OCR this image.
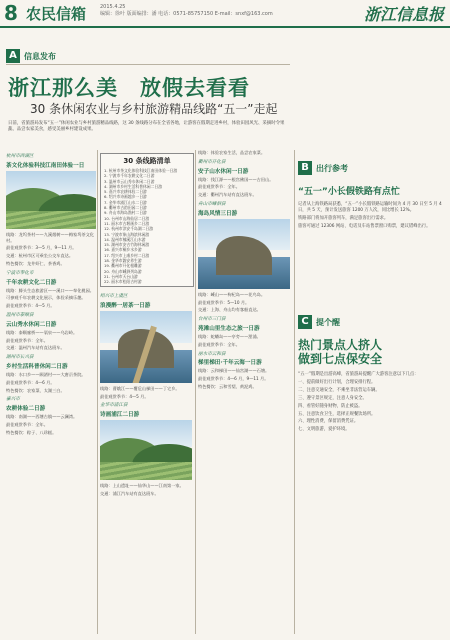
8 农民信箱	2015.4.25
编辑：徐叶 版面编排：潘 电话：0571-85757150 E-mail：snxf@163.com	浙江信息报
A 信息发布
浙江那么美　放假去看看
30 条休闲农业与乡村旅游精品线路“五一”走起
日前，省旅游局发布“五一”休闲农业与乡村旅游精品线路，这 30 条线路分布在全省各地，让游客在假期走进乡村，体验田园风光、采摘时令果蔬、品尝农家美食，感受美丽乡村建设成果。
杭州市西湖区
茶文化体验科技江南田体验一日

线路：龙坞茶村——九溪烟树——梅家坞茶文化村。

最佳观赏季节：3—5 月，9—11 月。

交通：杭州市区可乘坐公交车直达。

特色餐饮：龙井虾仁、茶香鸡。

宁波市奉化市
千年农耕文化二日游

线路：滕头生态旅游区——溪口——奉化桃园。

可参观千年农耕文化展示，体验采摘乐趣。

最佳观赏季节：4—5 月。

温州市泰顺县
云山秀水休闲二日游

线路：泰顺廊桥——氡泉——乌岩岭。

最佳观赏季节：全年。

交通：温州汽车站有直达班车。

湖州市长兴县
乡村生活科普休闲二日游

线路：水口乡——顾渚村——大唐贡茶院。

最佳观赏季节：4—6 月。

特色餐饮：农家菜、太湖三白。

嘉兴市
农耕体验二日游

线路：南湖——西塘古镇——云澜湾。

最佳观赏季节：全年。

特色餐饮：粽子、八珍糕。

30 条线路清单
1. 杭州市茶文化体验科技江南田体验一日游
2. 宁波市千年农耕文化二日游
3. 温州市云山秀水休闲二日游
4. 湖州市乡村生活科普休闲二日游
5. 嘉兴市农耕体验二日游
6. 绍兴市诗画越乡一日游
7. 金华市浦江山水二日游
8. 衢州市古韵田园二日游
9. 舟山市海岛渔村二日游
10. 台州市山海仙居二日游
11. 丽水市古堰画乡二日游
12. 杭州市淳安千岛湖二日游
13. 宁波市象山海滨休闲游
14. 温州市楠溪江山水游
15. 湖州市安吉竹海休闲游
16. 嘉兴市桐乡水乡游
17. 绍兴市上虞乡村二日游
18. 金华市磐安养生游
19. 衢州市开化根雕游
20. 舟山市嵊泗列岛游
21. 台州市天台山游
22. 丽水市松阳古村游
绍兴市上虞区
浪漫醉一居茶一日游

线路：曹娥江——覆卮山梯田——丁宅乡。

最佳观赏季节：4—5 月。

金华市浦江县
诗画浦江二日游

线路：上山遗址——仙华山——江南第一家。

交通：浦江汽车站有直达班车。

线路：体验农家生活，品尝农家菜。

衢州市开化县
安子山水休闲一日游

线路：钱江源——根宫佛国——古田山。

最佳观赏季节：全年。

交通：衢州汽车站有直达班车。

舟山市嵊泗县
海岛风情三日游

线路：嵊山——枸杞岛——花鸟岛。

最佳观赏季节：5—10 月。

交通：上海、舟山均有客船直达。

台州市三门县
苑滩山里生态之旅一日游

线路：蛇蟠岛——亭旁——浬浦。

最佳观赏季节：全年。

丽水市云和县
梯里梯田·千年云海一日游

线路：云和梯田——仙宫湖——石塘。

最佳观赏季节：4—6 月，9—11 月。

特色餐饮：云和雪梨、黄泥鸡。

B 出行参考
“五一”小长假铁路有点忙

记者从上海铁路局获悉，“五一”小长假铁路运输时间为 4 月 30 日至 5 月 4 日，共 5 天，预计发送旅客 1200 万人次，同比增长 12%。

铁路部门将加开旅客列车，满足旅客出行需求。

旅客可通过 12306 网站、电话及车站售票窗口购票，建议错峰出行。

C 提个醒
热门景点人挤人
做到七点保安全

“五一”假期是出游高峰，省旅游局提醒广大游客注意以下几点：

一、提前做好出行计划，合理安排行程。

二、注意交通安全，不乘坐非法营运车辆。

三、遵守景区规定，注意人身安全。

四、看管好随身财物，防止被盗。

五、注意饮食卫生，选择正规餐饮场所。

六、理性消费，保留消费凭证。

七、文明旅游，爱护环境。
